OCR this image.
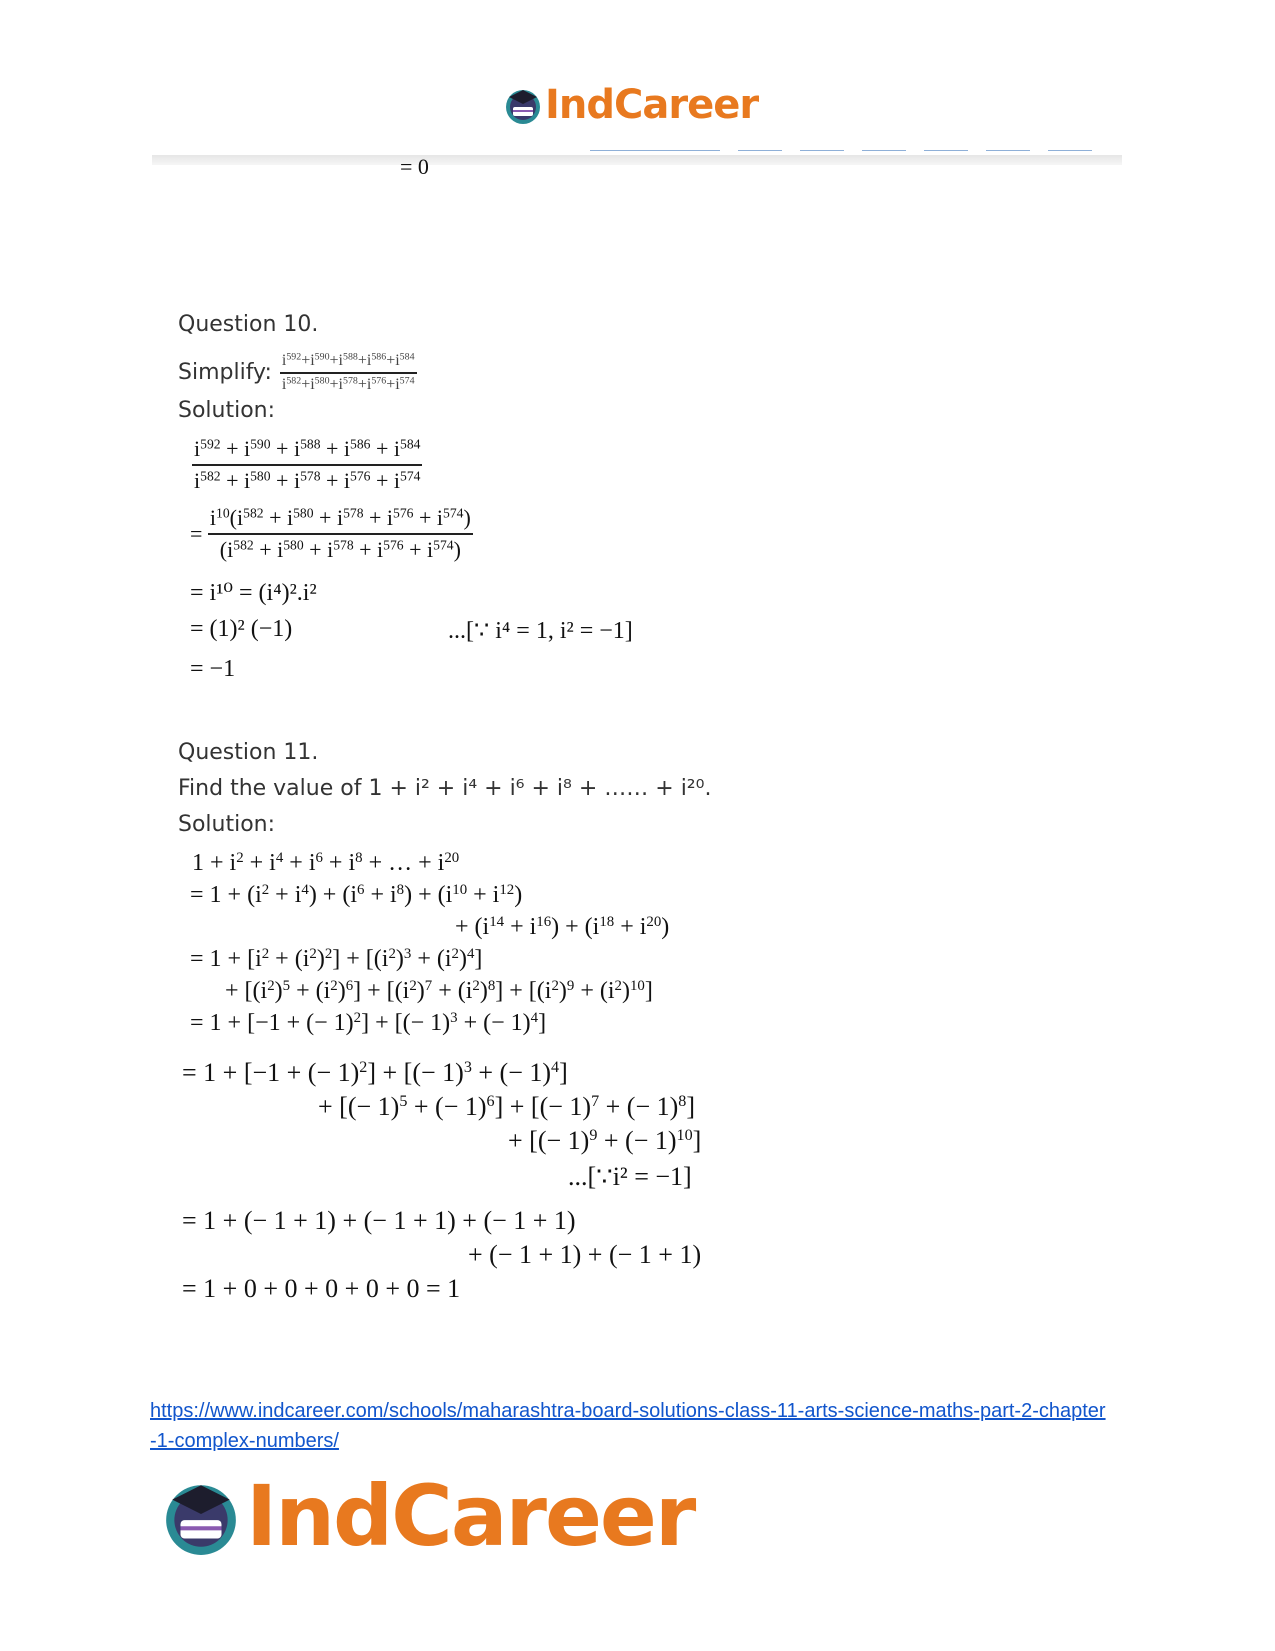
IndCareer
= 0
Question 10.
Simplify: $\frac{i^{592}+i^{590}+i^{588}+i^{586}+i^{584}}{i^{582}+i^{580}+i^{578}+i^{576}+i^{574}}$
Solution:
$\frac{i^{592} + i^{590} + i^{588} + i^{586} + i^{584}}{i^{582} + i^{580} + i^{578} + i^{576} + i^{574}}$
= $\frac{i^{10}(i^{582} + i^{580} + i^{578} + i^{576} + i^{574})}{(i^{582} + i^{580} + i^{578} + i^{576} + i^{574})}$
= i¹⁰ = (i⁴)².i²
= (1)² (−1)	...[∵ i⁴ = 1, i² = −1]
= −1
Question 11.
Find the value of 1 + i² + i⁴ + i⁶ + i⁸ + …… + i²⁰.
Solution:
$1 + i^2 + i^4 + i^6 + i^8$ + … + $i^{20}$
= $1 + (i^2 + i^4) + (i^6 + i^8) + (i^{10} + i^{12})$
+ $(i^{14} + i^{16}) + (i^{18} + i^{20})$
= $1 + [i^2 + (i^2)^2] + [(i^2)^3 + (i^2)^4]$
+ $[(i^2)^5 + (i^2)^6] + [(i^2)^7 + (i^2)^8] + [(i^2)^9 + (i^2)^{10}]$
= 1 + [−1 + (− 1)$^2$] + [(− 1)$^3$ + (− 1)$^4$]
= 1 + [−1 + (− 1)$^2$] + [(− 1)$^3$ + (− 1)$^4$]
+ [(− 1)$^5$ + (− 1)$^6$] + [(− 1)$^7$ + (− 1)$^8$]
+ [(− 1)$^9$ + (− 1)$^{10}$]
...[∵i² = −1]
= 1 + (− 1 + 1) + (− 1 + 1) + (− 1 + 1)
+ (− 1 + 1) + (− 1 + 1)
= 1 + 0 + 0 + 0 + 0 + 0 = 1
https://www.indcareer.com/schools/maharashtra-board-solutions-class-11-arts-science-maths-part-2-chapter-1-complex-numbers/
IndCareer
